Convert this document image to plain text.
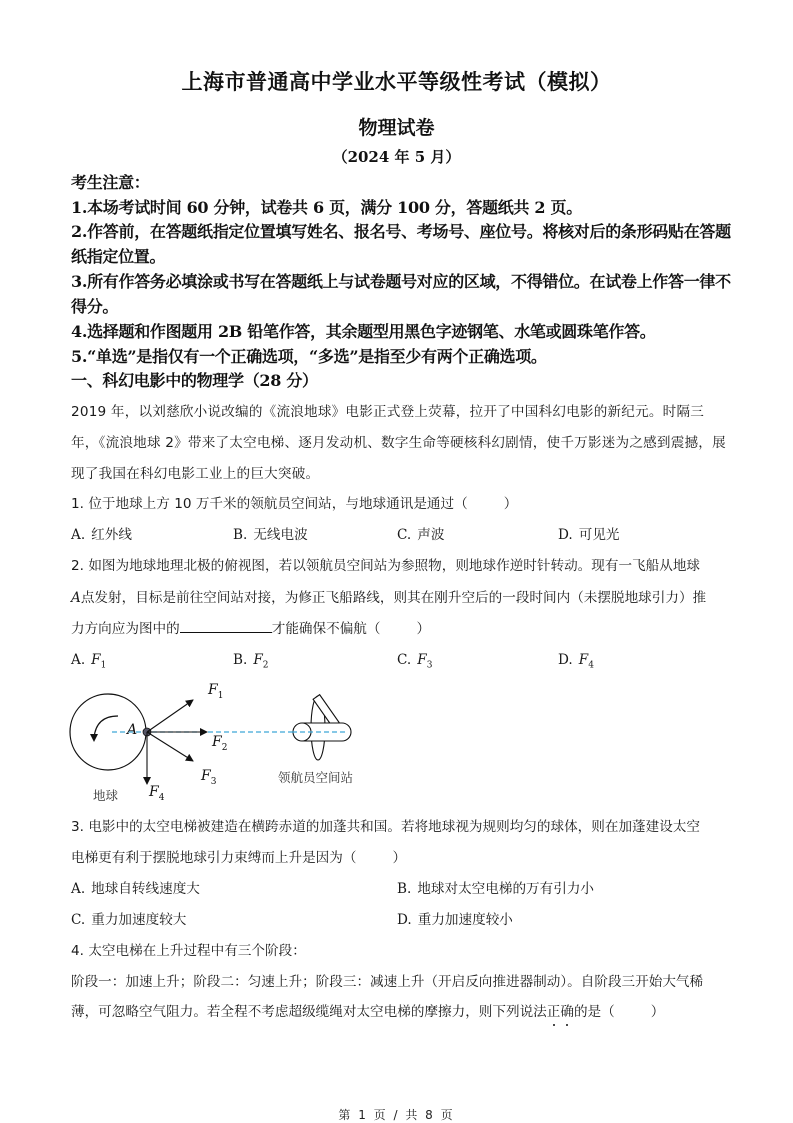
上海市普通高中学业水平等级性考试（模拟）
物理试卷
（2024 年 5 月）
考生注意：
1.本场考试时间 60 分钟，试卷共 6 页，满分 100 分，答题纸共 2 页。
2.作答前，在答题纸指定位置填写姓名、报名号、考场号、座位号。将核对后的条形码贴在答题纸指定位置。
3.所有作答务必填涂或书写在答题纸上与试卷题号对应的区域，不得错位。在试卷上作答一律不得分。
4.选择题和作图题用 2B 铅笔作答，其余题型用黑色字迹钢笔、水笔或圆珠笔作答。
5.“单选”是指仅有一个正确选项，“多选”是指至少有两个正确选项。
一、科幻电影中的物理学（28 分）
2019 年，以刘慈欣小说改编的《流浪地球》电影正式登上荧幕，拉开了中国科幻电影的新纪元。时隔三年，《流浪地球 2》带来了太空电梯、逐月发动机、数字生命等硬核科幻剧情，使千万影迷为之感到震撼，展现了我国在科幻电影工业上的巨大突破。
1. 位于地球上方 10 万千米的领航员空间站，与地球通讯是通过（	）
A. 红外线	B. 无线电波	C. 声波	D. 可见光
2. 如图为地球地理北极的俯视图，若以领航员空间站为参照物，则地球作逆时针转动。现有一飞船从地球
A点发射，目标是前往空间站对接，为修正飞船路线，则其在刚升空后的一段时间内（未摆脱地球引力）推
力方向应为图中的	才能确保不偏航（	）
A. $F_1$	B. $F_2$	C. $F_3$	D. $F_4$
A
$F_1$
$F_2$
$F_3$
$F_4$
地球
领航员空间站
3. 电影中的太空电梯被建造在横跨赤道的加蓬共和国。若将地球视为规则均匀的球体，则在加蓬建设太空
电梯更有利于摆脱地球引力束缚而上升是因为（	）
A. 地球自转线速度大	B. 地球对太空电梯的万有引力小
C. 重力加速度较大	D. 重力加速度较小
4. 太空电梯在上升过程中有三个阶段：
阶段一：加速上升；阶段二：匀速上升；阶段三：减速上升（开启反向推进器制动）。自阶段三开始大气稀
薄，可忽略空气阻力。若全程不考虑超级缆绳对太空电梯的摩擦力，则下列说法正确的是（	）
第 1 页 / 共 8 页
